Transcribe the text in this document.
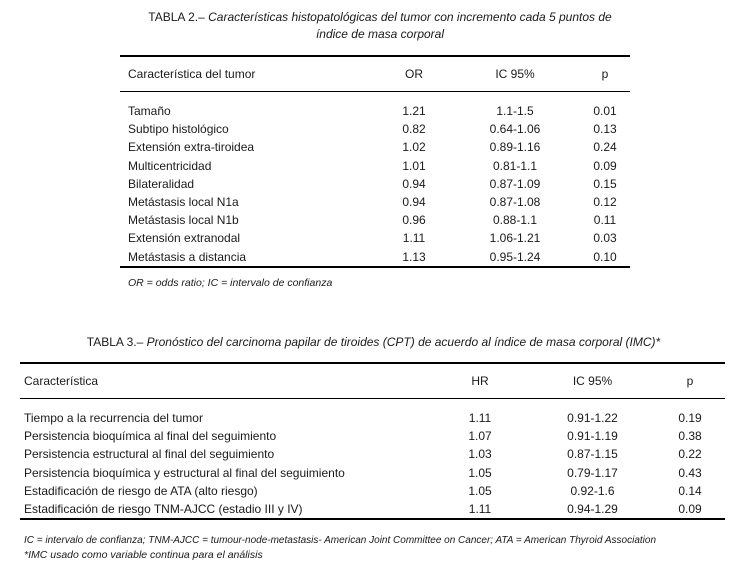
TABLA 2.– Características histopatológicas del tumor con incremento cada 5 puntos de
índice de masa corporal
Característica del tumor	OR	IC 95%	p

Tamaño	1.21	1.1-1.5	0.01
Subtipo histológico	0.82	0.64-1.06	0.13
Extensión extra-tiroidea	1.02	0.89-1.16	0.24
Multicentricidad	1.01	0.81-1.1	0.09
Bilateralidad	0.94	0.87-1.09	0.15
Metástasis local N1a	0.94	0.87-1.08	0.12
Metástasis local N1b	0.96	0.88-1.1	0.11
Extensión extranodal	1.11	1.06-1.21	0.03
Metástasis a distancia	1.13	0.95-1.24	0.10
OR = odds ratio; IC = intervalo de confianza
TABLA 3.– Pronóstico del carcinoma papilar de tiroides (CPT) de acuerdo al índice de masa corporal (IMC)*
Característica	HR	IC 95%	p

Tiempo a la recurrencia del tumor	1.11	0.91-1.22	0.19
Persistencia bioquímica al final del seguimiento	1.07	0.91-1.19	0.38
Persistencia estructural al final del seguimiento	1.03	0.87-1.15	0.22
Persistencia bioquímica y estructural al final del seguimiento	1.05	0.79-1.17	0.43
Estadificación de riesgo de ATA (alto riesgo)	1.05	0.92-1.6	0.14
Estadificación de riesgo TNM-AJCC (estadio III y IV)	1.11	0.94-1.29	0.09
IC = intervalo de confianza; TNM-AJCC = tumour-node-metastasis- American Joint Committee on Cancer; ATA = American Thyroid Association
*IMC usado como variable continua para el análisis
